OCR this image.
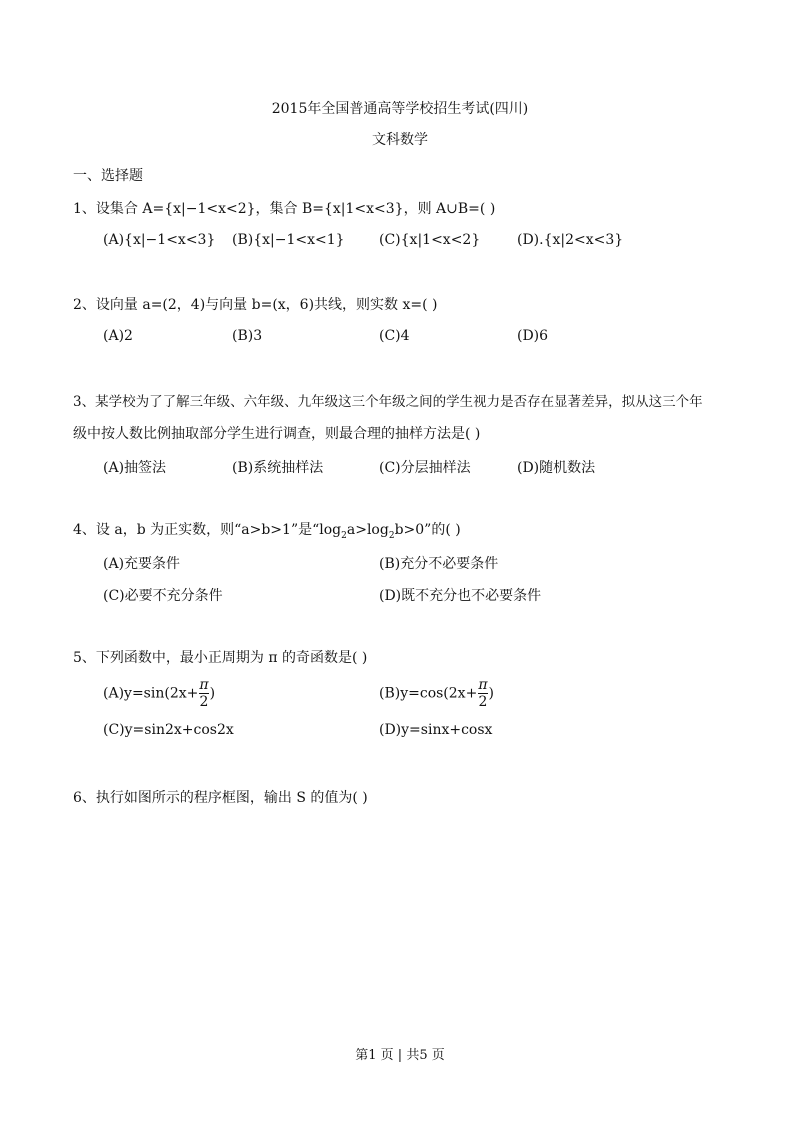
2015年全国普通高等学校招生考试(四川)
文科数学
一、选择题
1、设集合 A={x|−1<x<2}，集合 B={x|1<x<3}，则 A∪B=( )
(A){x|−1<x<3} (B){x|−1<x<1} (C){x|1<x<2}	(D).{x|2<x<3}
2、设向量 a=(2，4)与向量 b=(x，6)共线，则实数 x=( )
(A)2	(B)3	(C)4	(D)6
3、某学校为了了解三年级、六年级、九年级这三个年级之间的学生视力是否存在显著差异，拟从这三个年
级中按人数比例抽取部分学生进行调查，则最合理的抽样方法是( )
(A)抽签法	(B)系统抽样法	(C)分层抽样法	(D)随机数法
4、设 a，b 为正实数，则“a>b>1”是“$\log_2a>\log_2b>0$”的( )
(A)充要条件	(B)充分不必要条件
(C)必要不充分条件	(D)既不充分也不必要条件
5、下列函数中，最小正周期为 π 的奇函数是( )
$(A)y=\sin(2x+ \frac{\pi}{2}$ )	$(B)y=\cos(2x+ \frac{\pi}{2}$ )
(C)y=sin2x+cos2x	(D)y=sinx+cosx
6、执行如图所示的程序框图，输出 S 的值为( )
第1 页 | 共5 页
